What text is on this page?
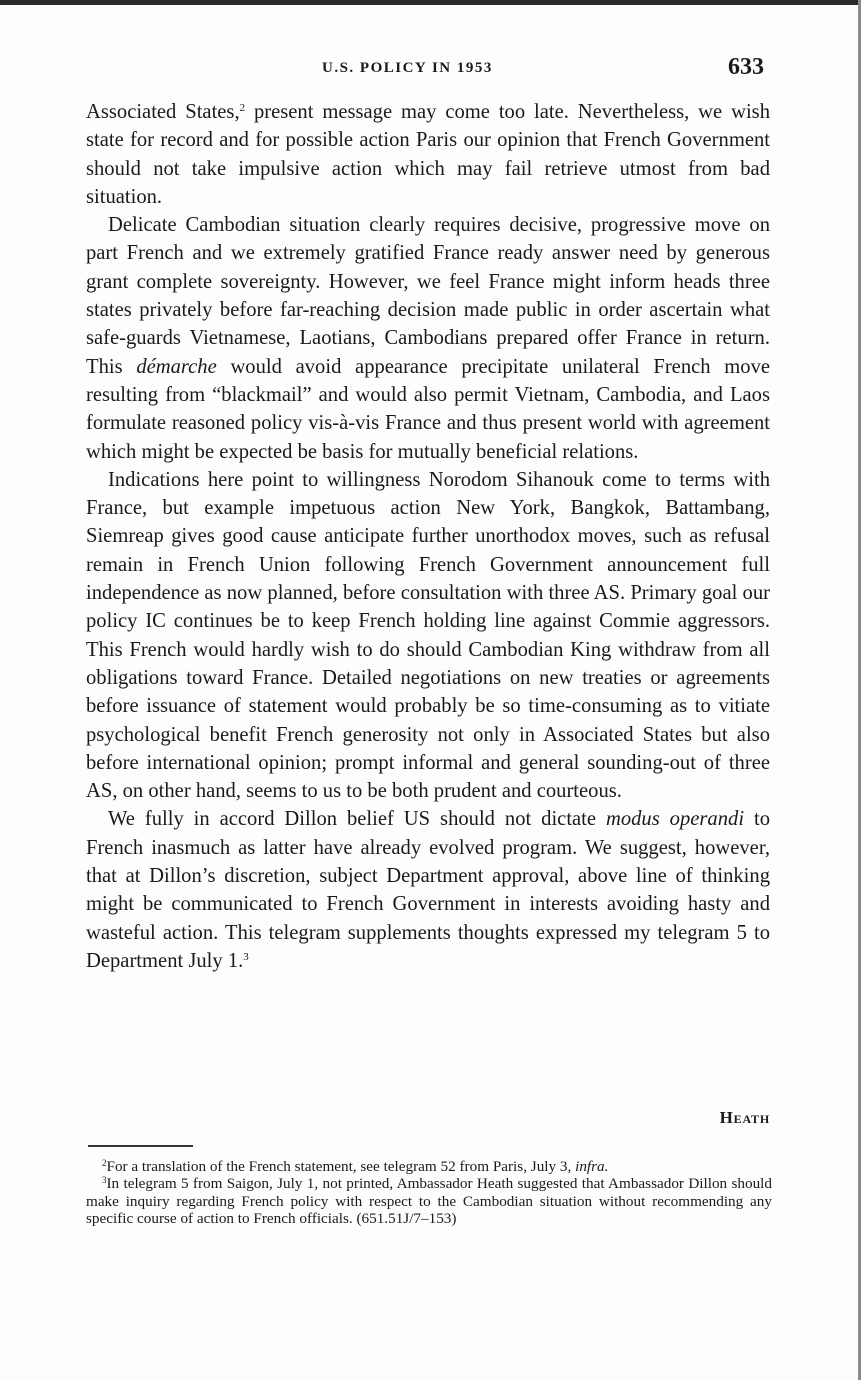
U.S. POLICY IN 1953	633

Associated States,$^2$ present message may come too late. Nevertheless, we wish state for record and for possible action Paris our opinion that French Government should not take impulsive action which may fail retrieve utmost from bad situation.

Delicate Cambodian situation clearly requires decisive, progressive move on part French and we extremely gratified France ready answer need by generous grant complete sovereignty. However, we feel France might inform heads three states privately before far-reaching decision made public in order ascertain what safe-guards Vietnamese, Laotians, Cambodians prepared offer France in return. This démarche would avoid appearance precipitate unilateral French move resulting from “blackmail” and would also permit Vietnam, Cambodia, and Laos formulate reasoned policy vis-à-vis France and thus present world with agreement which might be expected be basis for mutually beneficial relations.

Indications here point to willingness Norodom Sihanouk come to terms with France, but example impetuous action New York, Bangkok, Battambang, Siemreap gives good cause anticipate further unorthodox moves, such as refusal remain in French Union following French Government announcement full independence as now planned, before consultation with three AS. Primary goal our policy IC continues be to keep French holding line against Commie aggressors. This French would hardly wish to do should Cambodian King withdraw from all obligations toward France. Detailed negotiations on new treaties or agreements before issuance of statement would probably be so time-consuming as to vitiate psychological benefit French generosity not only in Associated States but also before international opinion; prompt informal and general sounding-out of three AS, on other hand, seems to us to be both prudent and courteous.

We fully in accord Dillon belief US should not dictate modus operandi to French inasmuch as latter have already evolved program. We suggest, however, that at Dillon’s discretion, subject Department approval, above line of thinking might be communicated to French Government in interests avoiding hasty and wasteful action. This telegram supplements thoughts expressed my telegram 5 to Department July 1.$^3$

Heath

$^2$For a translation of the French statement, see telegram 52 from Paris, July 3, infra.

$^3$In telegram 5 from Saigon, July 1, not printed, Ambassador Heath suggested that Ambassador Dillon should make inquiry regarding French policy with respect to the Cambodian situation without recommending any specific course of action to French officials. (651.51J/7–153)
